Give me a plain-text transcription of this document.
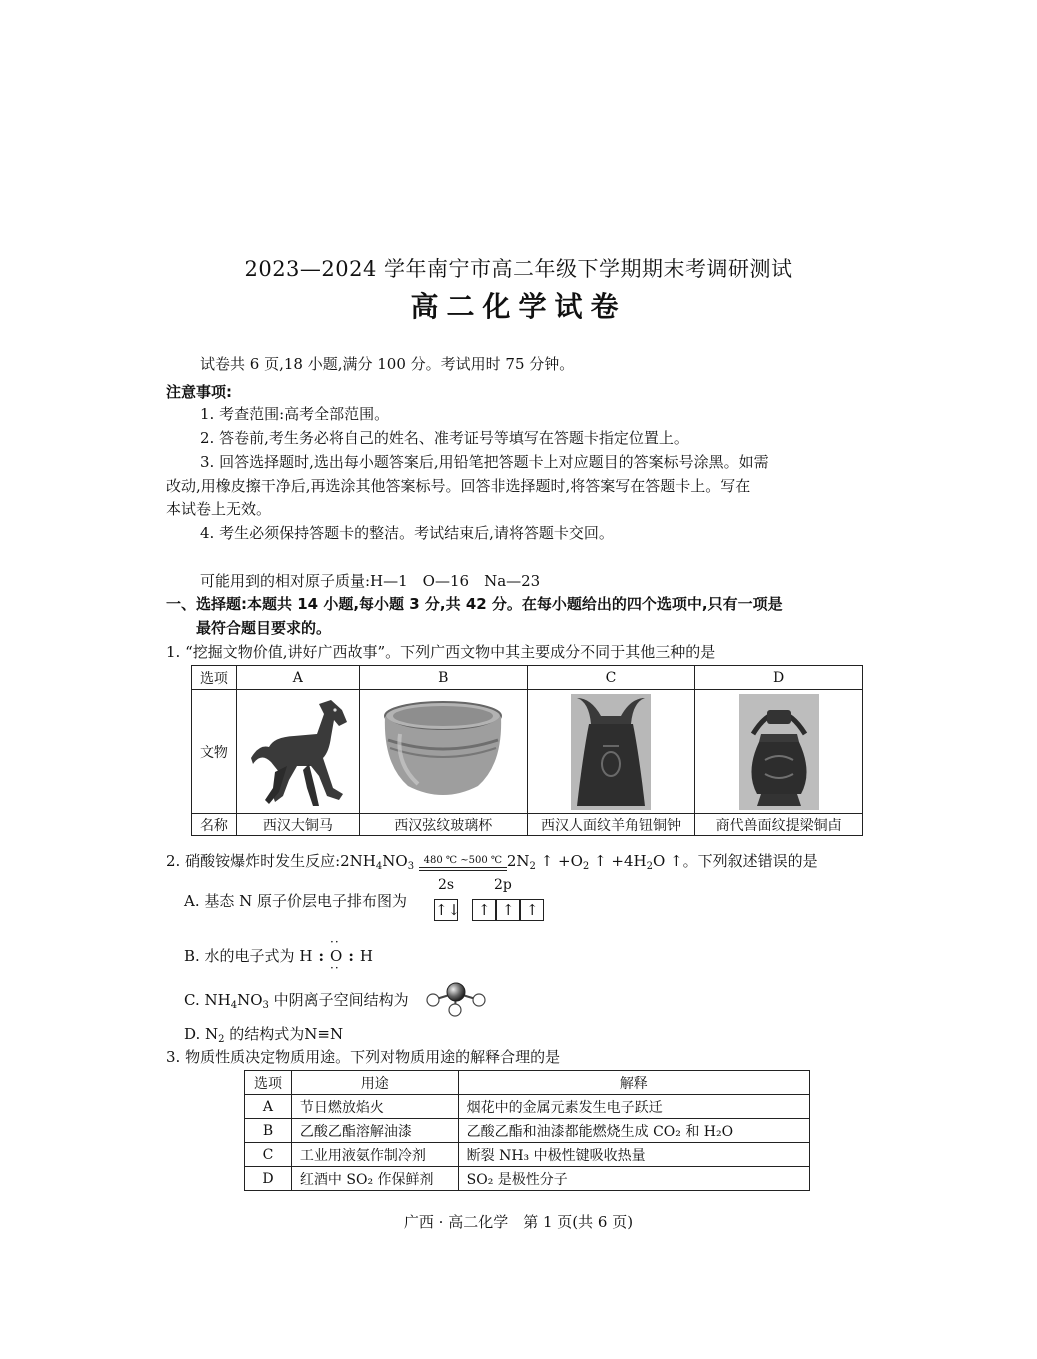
2023—2024 学年南宁市高二年级下学期期末考调研测试
高二化学试卷
试卷共 6 页,18 小题,满分 100 分。考试用时 75 分钟。
注意事项:
1. 考查范围:高考全部范围。
2. 答卷前,考生务必将自己的姓名、准考证号等填写在答题卡指定位置上。
3. 回答选择题时,选出每小题答案后,用铅笔把答题卡上对应题目的答案标号涂黑。如需
改动,用橡皮擦干净后,再选涂其他答案标号。回答非选择题时,将答案写在答题卡上。写在
本试卷上无效。
4. 考生必须保持答题卡的整洁。考试结束后,请将答题卡交回。
可能用到的相对原子质量:H—1　O—16　Na—23
一、选择题:本题共 14 小题,每小题 3 分,共 42 分。在每小题给出的四个选项中,只有一项是
最符合题目要求的。
1. “挖掘文物价值,讲好广西故事”。下列广西文物中其主要成分不同于其他三种的是
选项	A	B	C	D
文物	

名称	西汉大铜马	西汉弦纹玻璃杯	西汉人面纹羊角钮铜钟	商代兽面纹提梁铜卣
2. 硝酸铵爆炸时发生反应$:2NH_4NO_3$
480 ℃ ~500 ℃ $2N_2$ ↑ $+O_2$ ↑ $+4H_2O$ ↑。下列叙述错误的是
A. 基态 N 原子价层电子排布图为
2s	2p
↑↓ ↑ ↑ ↑
B. 水的电子式为 H :
··
O
··
: H
C. $NH_4NO_3$ 中阴离子空间结构为
D. $N_2$ 的结构式为N≡N
3. 物质性质决定物质用途。下列对物质用途的解释合理的是
选项	用途	解释
A	节日燃放焰火	烟花中的金属元素发生电子跃迁
B	乙酸乙酯溶解油漆	乙酸乙酯和油漆都能燃烧生成 CO₂ 和 H₂O
C	工业用液氨作制冷剂	断裂 NH₃ 中极性键吸收热量
D	红酒中 SO₂ 作保鲜剂	SO₂ 是极性分子
广西 · 高二化学　第 1 页(共 6 页)
